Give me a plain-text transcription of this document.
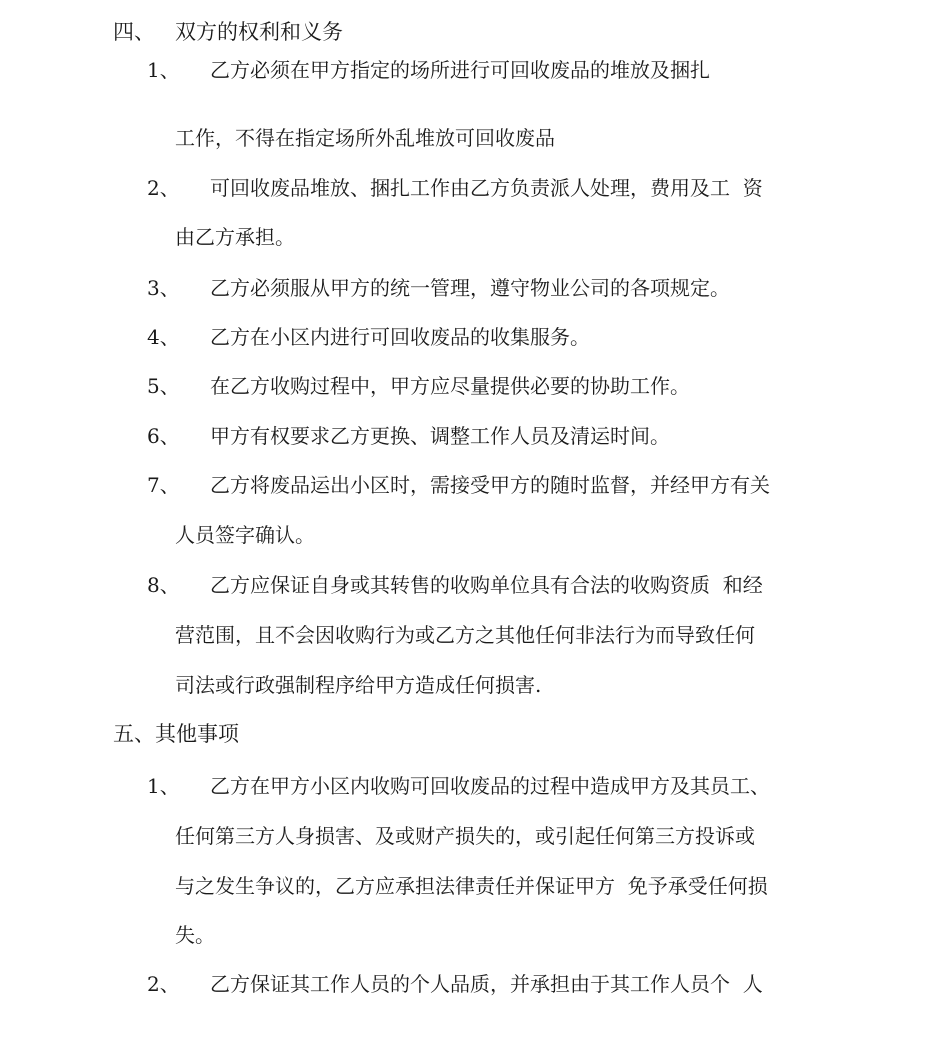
四、 双方的权利和义务
1、 乙方必须在甲方指定的场所进行可回收废品的堆放及捆扎
工作，不得在指定场所外乱堆放可回收废品
2、 可回收废品堆放、捆扎工作由乙方负责派人处理，费用及工  资
由乙方承担。
3、 乙方必须服从甲方的统一管理，遵守物业公司的各项规定。
4、 乙方在小区内进行可回收废品的收集服务。
5、 在乙方收购过程中，甲方应尽量提供必要的协助工作。
6、 甲方有权要求乙方更换、调整工作人员及清运时间。
7、 乙方将废品运出小区时，需接受甲方的随时监督，并经甲方有关
人员签字确认。
8、 乙方应保证自身或其转售的收购单位具有合法的收购资质  和经
营范围，且不会因收购行为或乙方之其他任何非法行为而导致任何
司法或行政强制程序给甲方造成任何损害.
五、其他事项
1、 乙方在甲方小区内收购可回收废品的过程中造成甲方及其员工、
任何第三方人身损害、及或财产损失的，或引起任何第三方投诉或
与之发生争议的，乙方应承担法律责任并保证甲方  免予承受任何损
失。
2、 乙方保证其工作人员的个人品质，并承担由于其工作人员个  人
